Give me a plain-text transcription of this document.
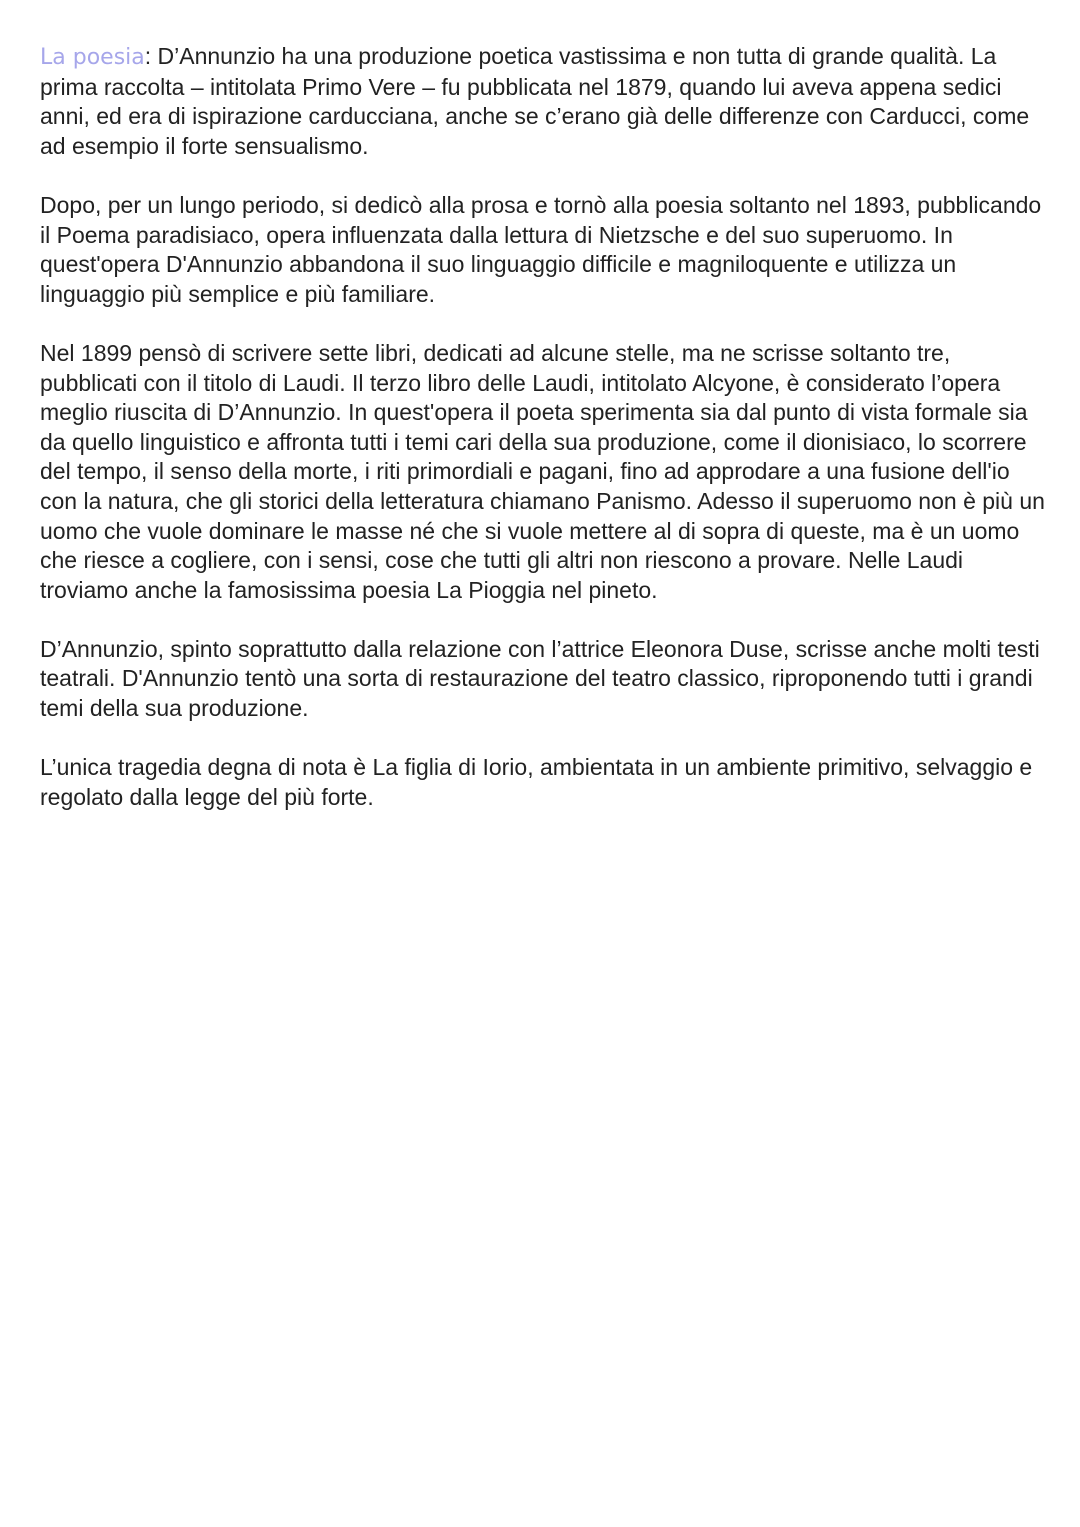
La poesia: D’Annunzio ha una produzione poetica vastissima e non tutta di grande qualità. La prima raccolta – intitolata Primo Vere – fu pubblicata nel 1879, quando lui aveva appena sedici anni, ed era di ispirazione carducciana, anche se c’erano già delle differenze con Carducci, come ad esempio il forte sensualismo.

Dopo, per un lungo periodo, si dedicò alla prosa e tornò alla poesia soltanto nel 1893, pubblicando il Poema paradisiaco, opera influenzata dalla lettura di Nietzsche e del suo superuomo. In quest'opera D'Annunzio abbandona il suo linguaggio difficile e magniloquente e utilizza un linguaggio più semplice e più familiare.

Nel 1899 pensò di scrivere sette libri, dedicati ad alcune stelle, ma ne scrisse soltanto tre, pubblicati con il titolo di Laudi. Il terzo libro delle Laudi, intitolato Alcyone, è considerato l’opera meglio riuscita di D’Annunzio. In quest'opera il poeta sperimenta sia dal punto di vista formale sia da quello linguistico e affronta tutti i temi cari della sua produzione, come il dionisiaco, lo scorrere del tempo, il senso della morte, i riti primordiali e pagani, fino ad approdare a una fusione dell'io con la natura, che gli storici della letteratura chiamano Panismo. Adesso il superuomo non è più un uomo che vuole dominare le masse né che si vuole mettere al di sopra di queste, ma è un uomo che riesce a cogliere, con i sensi, cose che tutti gli altri non riescono a provare. Nelle Laudi troviamo anche la famosissima poesia La Pioggia nel pineto.

D’Annunzio, spinto soprattutto dalla relazione con l’attrice Eleonora Duse, scrisse anche molti testi teatrali. D'Annunzio tentò una sorta di restaurazione del teatro classico, riproponendo tutti i grandi temi della sua produzione.

L’unica tragedia degna di nota è La figlia di Iorio, ambientata in un ambiente primitivo, selvaggio e regolato dalla legge del più forte.
